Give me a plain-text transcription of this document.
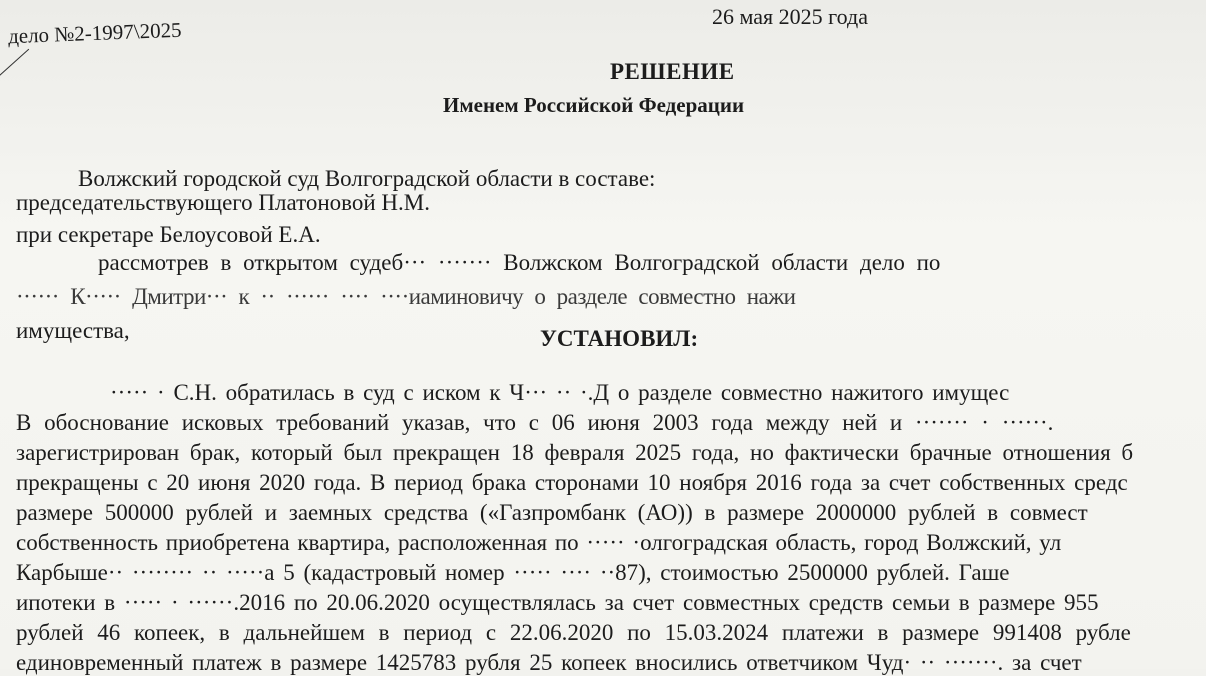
дело №2-1997\2025
26 мая 2025 года
РЕШЕНИЕ
Именем Российской Федерации
Волжский городской суд Волгоградской области в составе:
председательствующего Платоновой Н.М.
при секретаре Белоусовой Е.А.
рассмотрев в открытом судеб··· ······· Волжском Волгоградской области дело по
······ К····· Дмитри··· к ·· ······ ···· ····иаминовичу о разделе совместно нажи
имущества,	УСТАНОВИЛ:
····· · С.Н. обратилась в суд с иском к Ч··· ·· ·.Д о разделе совместно нажитого имущес
В обоснование исковых требований указав, что с 06 июня 2003 года между ней и ······· · ······.
зарегистрирован брак, который был прекращен 18 февраля 2025 года, но фактически брачные отношения б
прекращены с 20 июня 2020 года. В период брака сторонами 10 ноября 2016 года за счет собственных средс
размере 500000 рублей и заемных средства («Газпромбанк (АО)) в размере 2000000 рублей в совмест
собственность приобретена квартира, расположенная по ····· ·олгоградская область, город Волжский, ул
Карбыше·· ········ ·· ·····а 5 (кадастровый номер ····· ···· ··87), стоимостью 2500000 рублей. Гаше
ипотеки в ····· · ······.2016 по 20.06.2020 осуществлялась за счет совместных средств семьи в размере 955
рублей 46 копеек, в дальнейшем в период с 22.06.2020 по 15.03.2024 платежи в размере 991408 рубле
единовременный платеж в размере 1425783 рубля 25 копеек вносились ответчиком Чуд· ·· ·······. за счет
